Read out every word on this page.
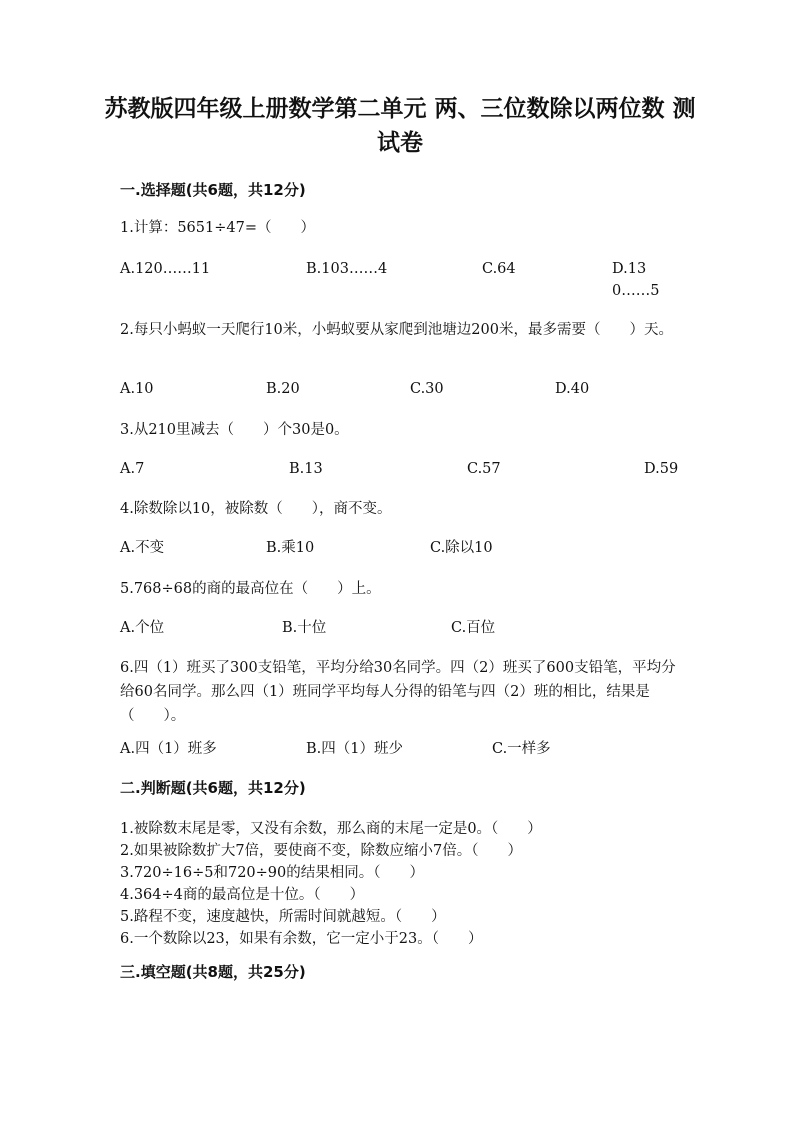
苏教版四年级上册数学第二单元 两、三位数除以两位数 测试卷
一.选择题(共6题，共12分)
1.计算：5651÷47=（　　）
A.120……11	B.103……4	C.64	D.130……5
2.每只小蚂蚁一天爬行10米，小蚂蚁要从家爬到池塘边200米，最多需要（　　）天。
A.10	B.20	C.30	D.40
3.从210里减去（　　）个30是0。
A.7	B.13	C.57	D.59
4.除数除以10，被除数（　　），商不变。
A.不变	B.乘10	C.除以10
5.768÷68的商的最高位在（　　）上。
A.个位	B.十位	C.百位
6.四（1）班买了300支铅笔，平均分给30名同学。四（2）班买了600支铅笔，平均分给60名同学。那么四（1）班同学平均每人分得的铅笔与四（2）班的相比，结果是（　　）。
A.四（1）班多	B.四（1）班少	C.一样多
二.判断题(共6题，共12分)
1.被除数末尾是零，又没有余数，那么商的末尾一定是0。（　　）
2.如果被除数扩大7倍，要使商不变，除数应缩小7倍。（　　）
3.720÷16÷5和720÷90的结果相同。（　　）
4.364÷4商的最高位是十位。（　　）
5.路程不变，速度越快，所需时间就越短。（　　）
6.一个数除以23，如果有余数，它一定小于23。（　　）
三.填空题(共8题，共25分)
